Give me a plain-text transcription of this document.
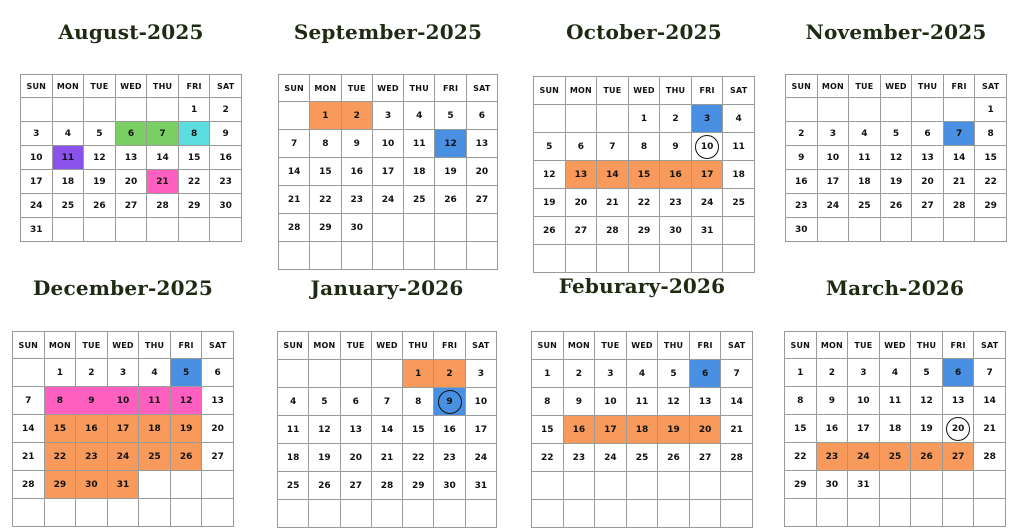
August-2025
SUN	MON	TUE	WED	THU	FRI	SAT
					1	2
3	4	5	6	7	8	9
10	11	12	13	14	15	16
17	18	19	20	21	22	23
24	25	26	27	28	29	30
31						
September-2025
SUN	MON	TUE	WED	THU	FRI	SAT
	1	2	3	4	5	6
7	8	9	10	11	12	13
14	15	16	17	18	19	20
21	22	23	24	25	26	27
28	29	30				

October-2025
SUN	MON	TUE	WED	THU	FRI	SAT
			1	2	3	4
5	6	7	8	9	10	11
12	13	14	15	16	17	18
19	20	21	22	23	24	25
26	27	28	29	30	31	

November-2025
SUN	MON	TUE	WED	THU	FRI	SAT
						1
2	3	4	5	6	7	8
9	10	11	12	13	14	15
16	17	18	19	20	21	22
23	24	25	26	27	28	29
30						
December-2025
SUN	MON	TUE	WED	THU	FRI	SAT
	1	2	3	4	5	6
7	8	9	10	11	12	13
14	15	16	17	18	19	20
21	22	23	24	25	26	27
28	29	30	31			

January-2026
SUN	MON	TUE	WED	THU	FRI	SAT
				1	2	3
4	5	6	7	8	9	10
11	12	13	14	15	16	17
18	19	20	21	22	23	24
25	26	27	28	29	30	31

Feburary-2026
SUN	MON	TUE	WED	THU	FRI	SAT
1	2	3	4	5	6	7
8	9	10	11	12	13	14
15	16	17	18	19	20	21
22	23	24	25	26	27	28

March-2026
SUN	MON	TUE	WED	THU	FRI	SAT
1	2	3	4	5	6	7
8	9	10	11	12	13	14
15	16	17	18	19	20	21
22	23	24	25	26	27	28
29	30	31				
